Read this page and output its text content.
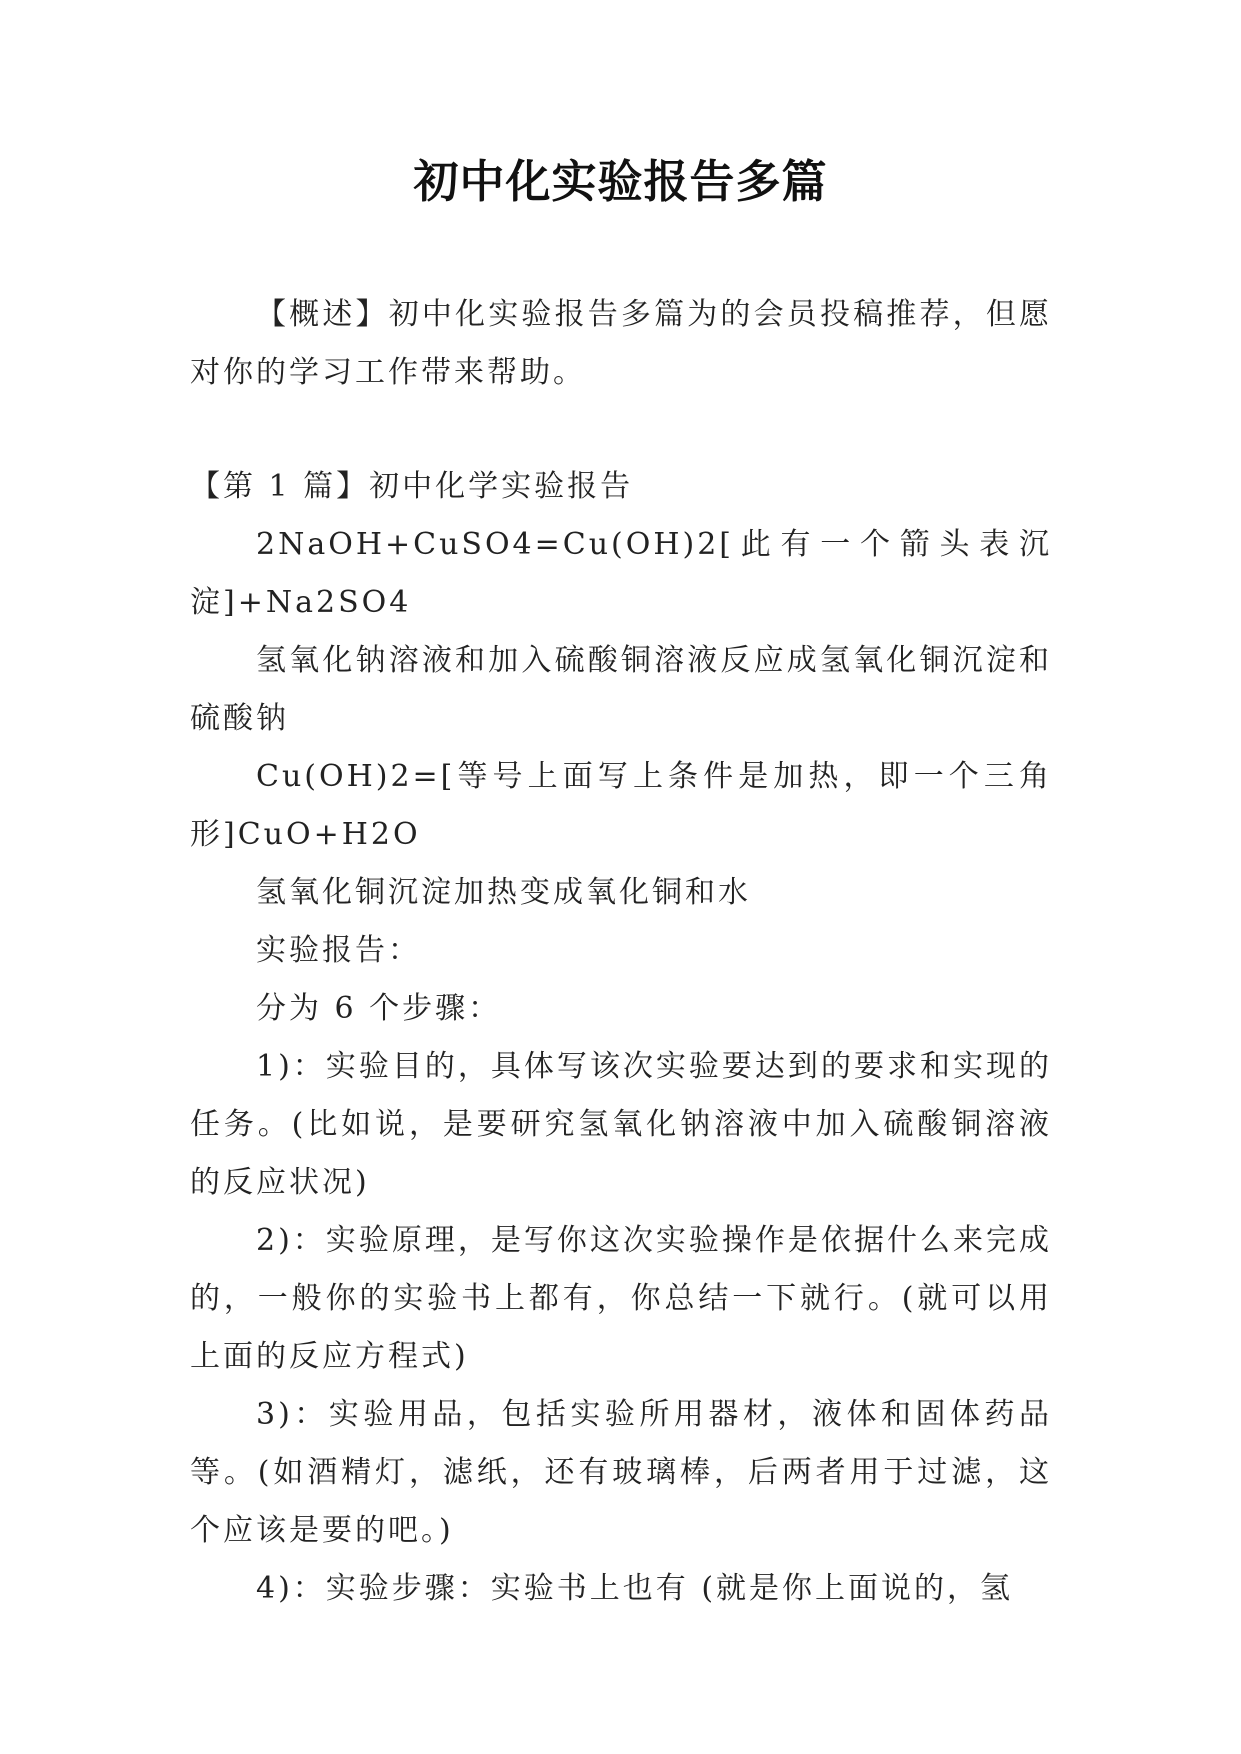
初中化实验报告多篇

【概述】初中化实验报告多篇为的会员投稿推荐，但愿对你的学习工作带来帮助。

【第 1 篇】初中化学实验报告

2NaOH+CuSO4=Cu(OH)2[此有一个箭头表沉淀]+Na2SO4

氢氧化钠溶液和加入硫酸铜溶液反应成氢氧化铜沉淀和硫酸钠

Cu(OH)2=[等号上面写上条件是加热，即一个三角形]CuO+H2O

氢氧化铜沉淀加热变成氧化铜和水

实验报告：

分为 6 个步骤：

1)：实验目的，具体写该次实验要达到的要求和实现的任务。(比如说，是要研究氢氧化钠溶液中加入硫酸铜溶液的反应状况)

2)：实验原理，是写你这次实验操作是依据什么来完成的，一般你的实验书上都有，你总结一下就行。(就可以用上面的反应方程式)

3)：实验用品，包括实验所用器材，液体和固体药品等。(如酒精灯，滤纸，还有玻璃棒，后两者用于过滤，这个应该是要的吧。)

4)：实验步骤：实验书上也有 (就是你上面说的，氢
